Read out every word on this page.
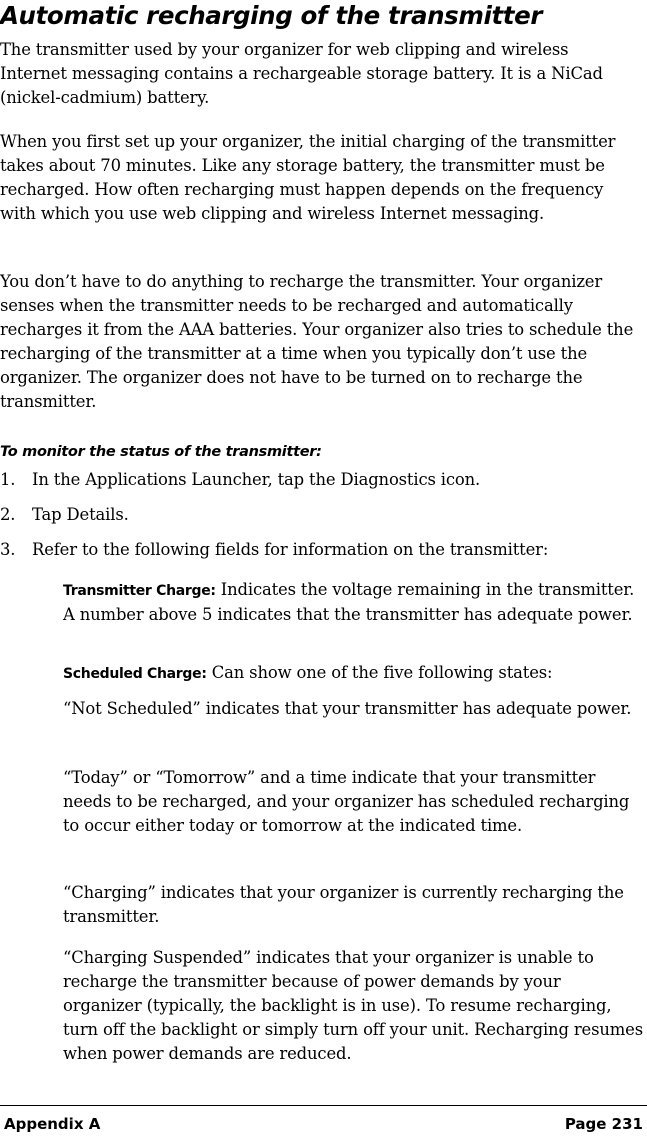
Automatic recharging of the transmitter

The transmitter used by your organizer for web clipping and wireless Internet messaging contains a rechargeable storage battery. It is a NiCad (nickel-cadmium) battery.

When you first set up your organizer, the initial charging of the transmitter takes about 70 minutes. Like any storage battery, the transmitter must be recharged. How often recharging must happen depends on the frequency with which you use web clipping and wireless Internet messaging.

You don’t have to do anything to recharge the transmitter. Your organizer senses when the transmitter needs to be recharged and automatically recharges it from the AAA batteries. Your organizer also tries to schedule the recharging of the transmitter at a time when you typically don’t use the organizer. The organizer does not have to be turned on to recharge the transmitter.

To monitor the status of the transmitter:
1. In the Applications Launcher, tap the Diagnostics icon.
2. Tap Details.
3. Refer to the following fields for information on the transmitter:

Transmitter Charge: Indicates the voltage remaining in the transmitter. A number above 5 indicates that the transmitter has adequate power.

Scheduled Charge: Can show one of the five following states:

“Not Scheduled” indicates that your transmitter has adequate power.

“Today” or “Tomorrow” and a time indicate that your transmitter needs to be recharged, and your organizer has scheduled recharging to occur either today or tomorrow at the indicated time.

“Charging” indicates that your organizer is currently recharging the transmitter.

“Charging Suspended” indicates that your organizer is unable to recharge the transmitter because of power demands by your organizer (typically, the backlight is in use). To resume recharging, turn off the backlight or simply turn off your unit. Recharging resumes when power demands are reduced.

Appendix A	Page 231
